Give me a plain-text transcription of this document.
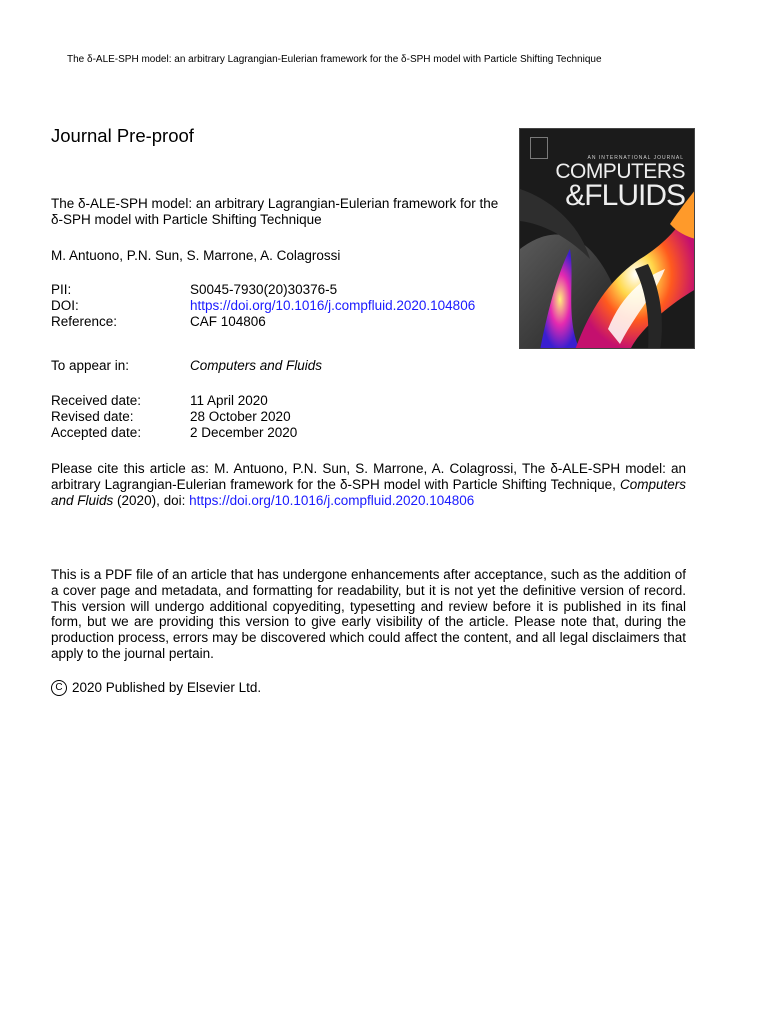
The δ-ALE-SPH model: an arbitrary Lagrangian-Eulerian framework for the δ-SPH model with Particle Shifting Technique
Journal Pre-proof
The δ-ALE-SPH model: an arbitrary Lagrangian-Eulerian framework for the δ-SPH model with Particle Shifting Technique
M. Antuono, P.N. Sun, S. Marrone, A. Colagrossi
PII:	S0045-7930(20)30376-5
DOI:	https://doi.org/10.1016/j.compfluid.2020.104806
Reference:	CAF 104806
To appear in:	Computers and Fluids
Received date:	11 April 2020
Revised date:	28 October 2020
Accepted date:	2 December 2020
Please cite this article as: M. Antuono, P.N. Sun, S. Marrone, A. Colagrossi, The δ-ALE-SPH model: an arbitrary Lagrangian-Eulerian framework for the δ-SPH model with Particle Shifting Technique, Computers and Fluids (2020), doi: https://doi.org/10.1016/j.compfluid.2020.104806
This is a PDF file of an article that has undergone enhancements after acceptance, such as the addition of a cover page and metadata, and formatting for readability, but it is not yet the definitive version of record. This version will undergo additional copyediting, typesetting and review before it is published in its final form, but we are providing this version to give early visibility of the article. Please note that, during the production process, errors may be discovered which could affect the content, and all legal disclaimers that apply to the journal pertain.
C 2020 Published by Elsevier Ltd.
AN INTERNATIONAL JOURNAL
COMPUTERS
&FLUIDS
